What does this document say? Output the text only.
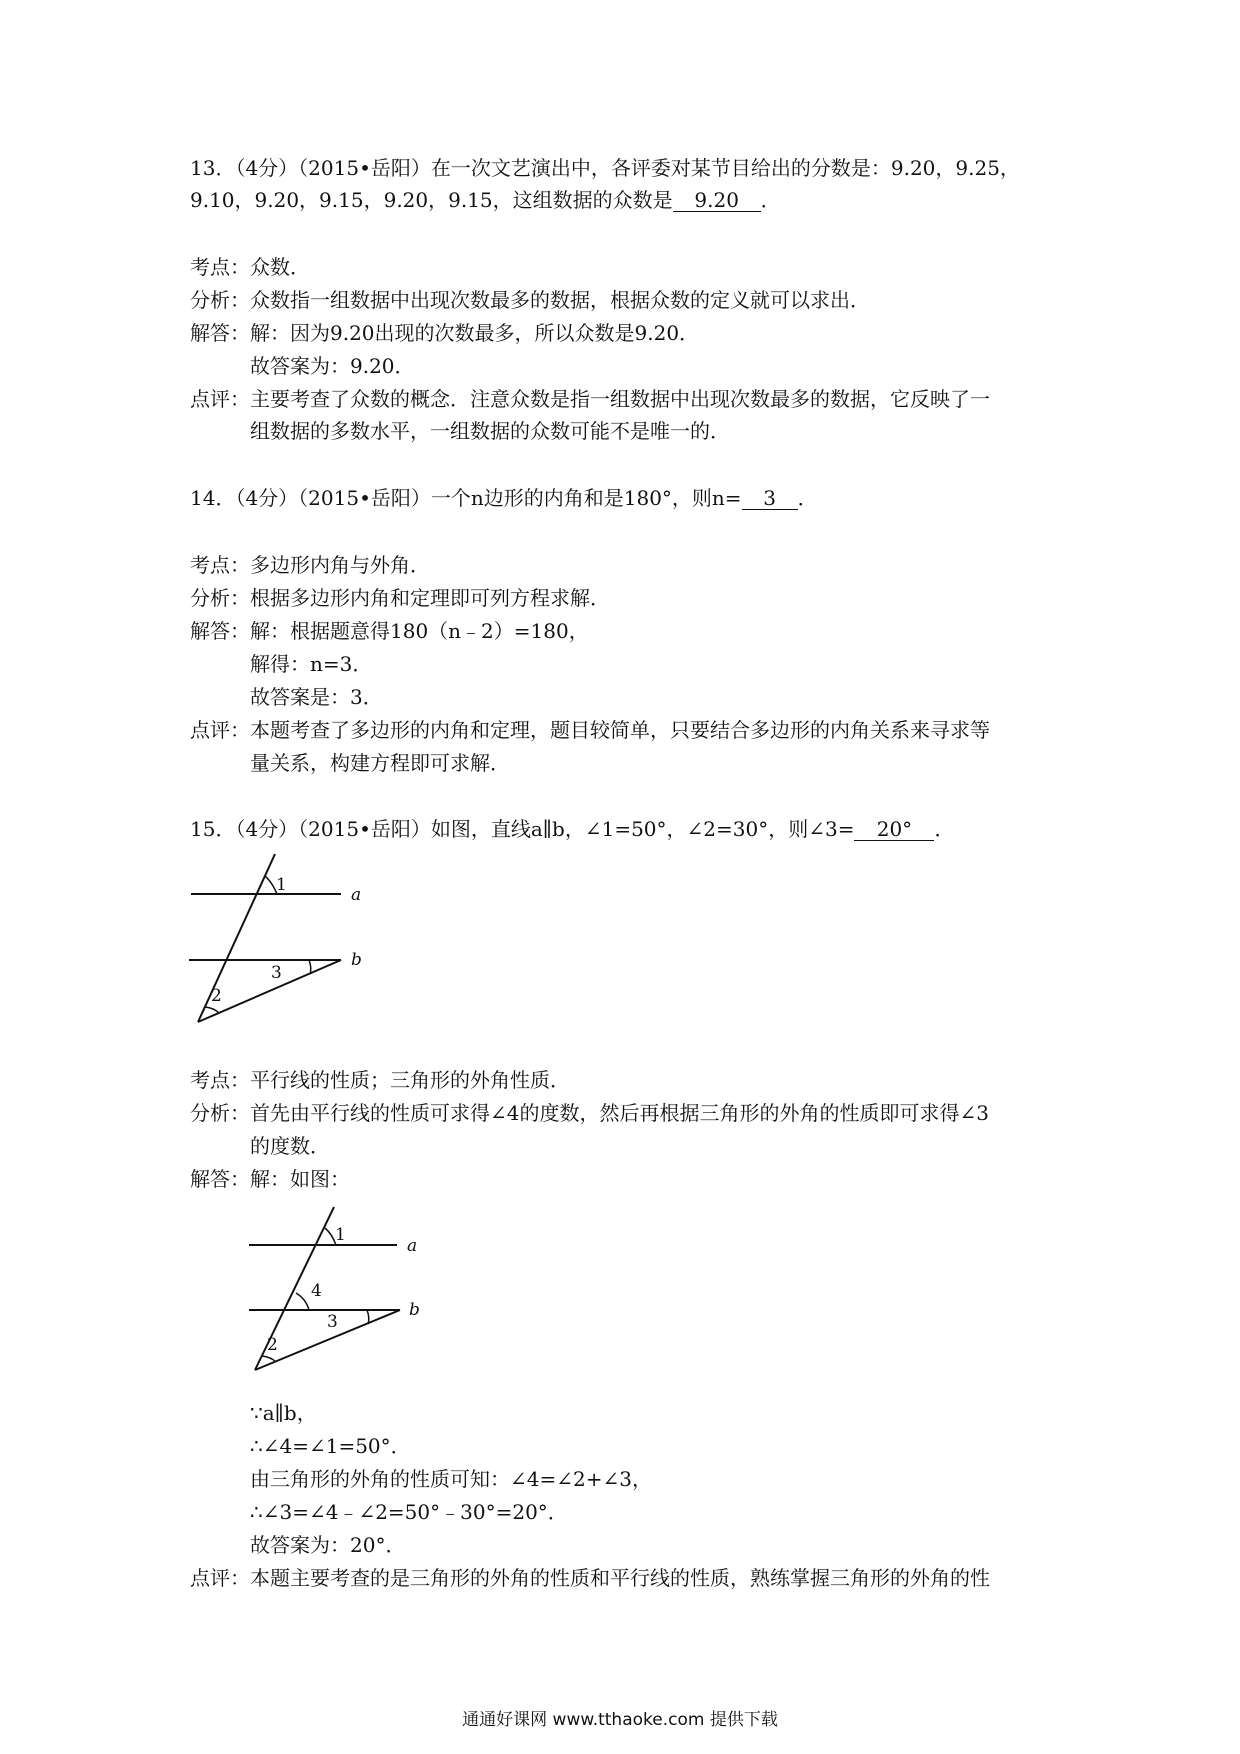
13．（4分）（2015•岳阳）在一次文艺演出中，各评委对某节目给出的分数是：9.20，9.25，
9.10，9.20，9.15，9.20，9.15，这组数据的众数是 9.20 ．
考点：众数．
分析：众数指一组数据中出现次数最多的数据，根据众数的定义就可以求出．
解答：解：因为9.20出现的次数最多，所以众数是9.20．
故答案为：9.20．
点评：主要考查了众数的概念．注意众数是指一组数据中出现次数最多的数据，它反映了一
组数据的多数水平，一组数据的众数可能不是唯一的．
14．（4分）（2015•岳阳）一个n边形的内角和是180°，则n= 3 ．
考点：多边形内角与外角．
分析：根据多边形内角和定理即可列方程求解．
解答：解：根据题意得180（n﹣2）=180，
解得：n=3．
故答案是：3．
点评：本题考查了多边形的内角和定理，题目较简单，只要结合多边形的内角关系来寻求等
量关系，构建方程即可求解．
15．（4分）（2015•岳阳）如图，直线a∥b，∠1=50°，∠2=30°，则∠3= 20° ．
1
2
3
a
b
考点：平行线的性质；三角形的外角性质．
分析：首先由平行线的性质可求得∠4的度数，然后再根据三角形的外角的性质即可求得∠3
的度数．
解答：解：如图：
1
4
2
3
a
b
∵a∥b，
∴∠4=∠1=50°．
由三角形的外角的性质可知：∠4=∠2+∠3，
∴∠3=∠4﹣∠2=50°﹣30°=20°．
故答案为：20°．
点评：本题主要考查的是三角形的外角的性质和平行线的性质，熟练掌握三角形的外角的性
通通好课网 www.tthaoke.com 提供下载
